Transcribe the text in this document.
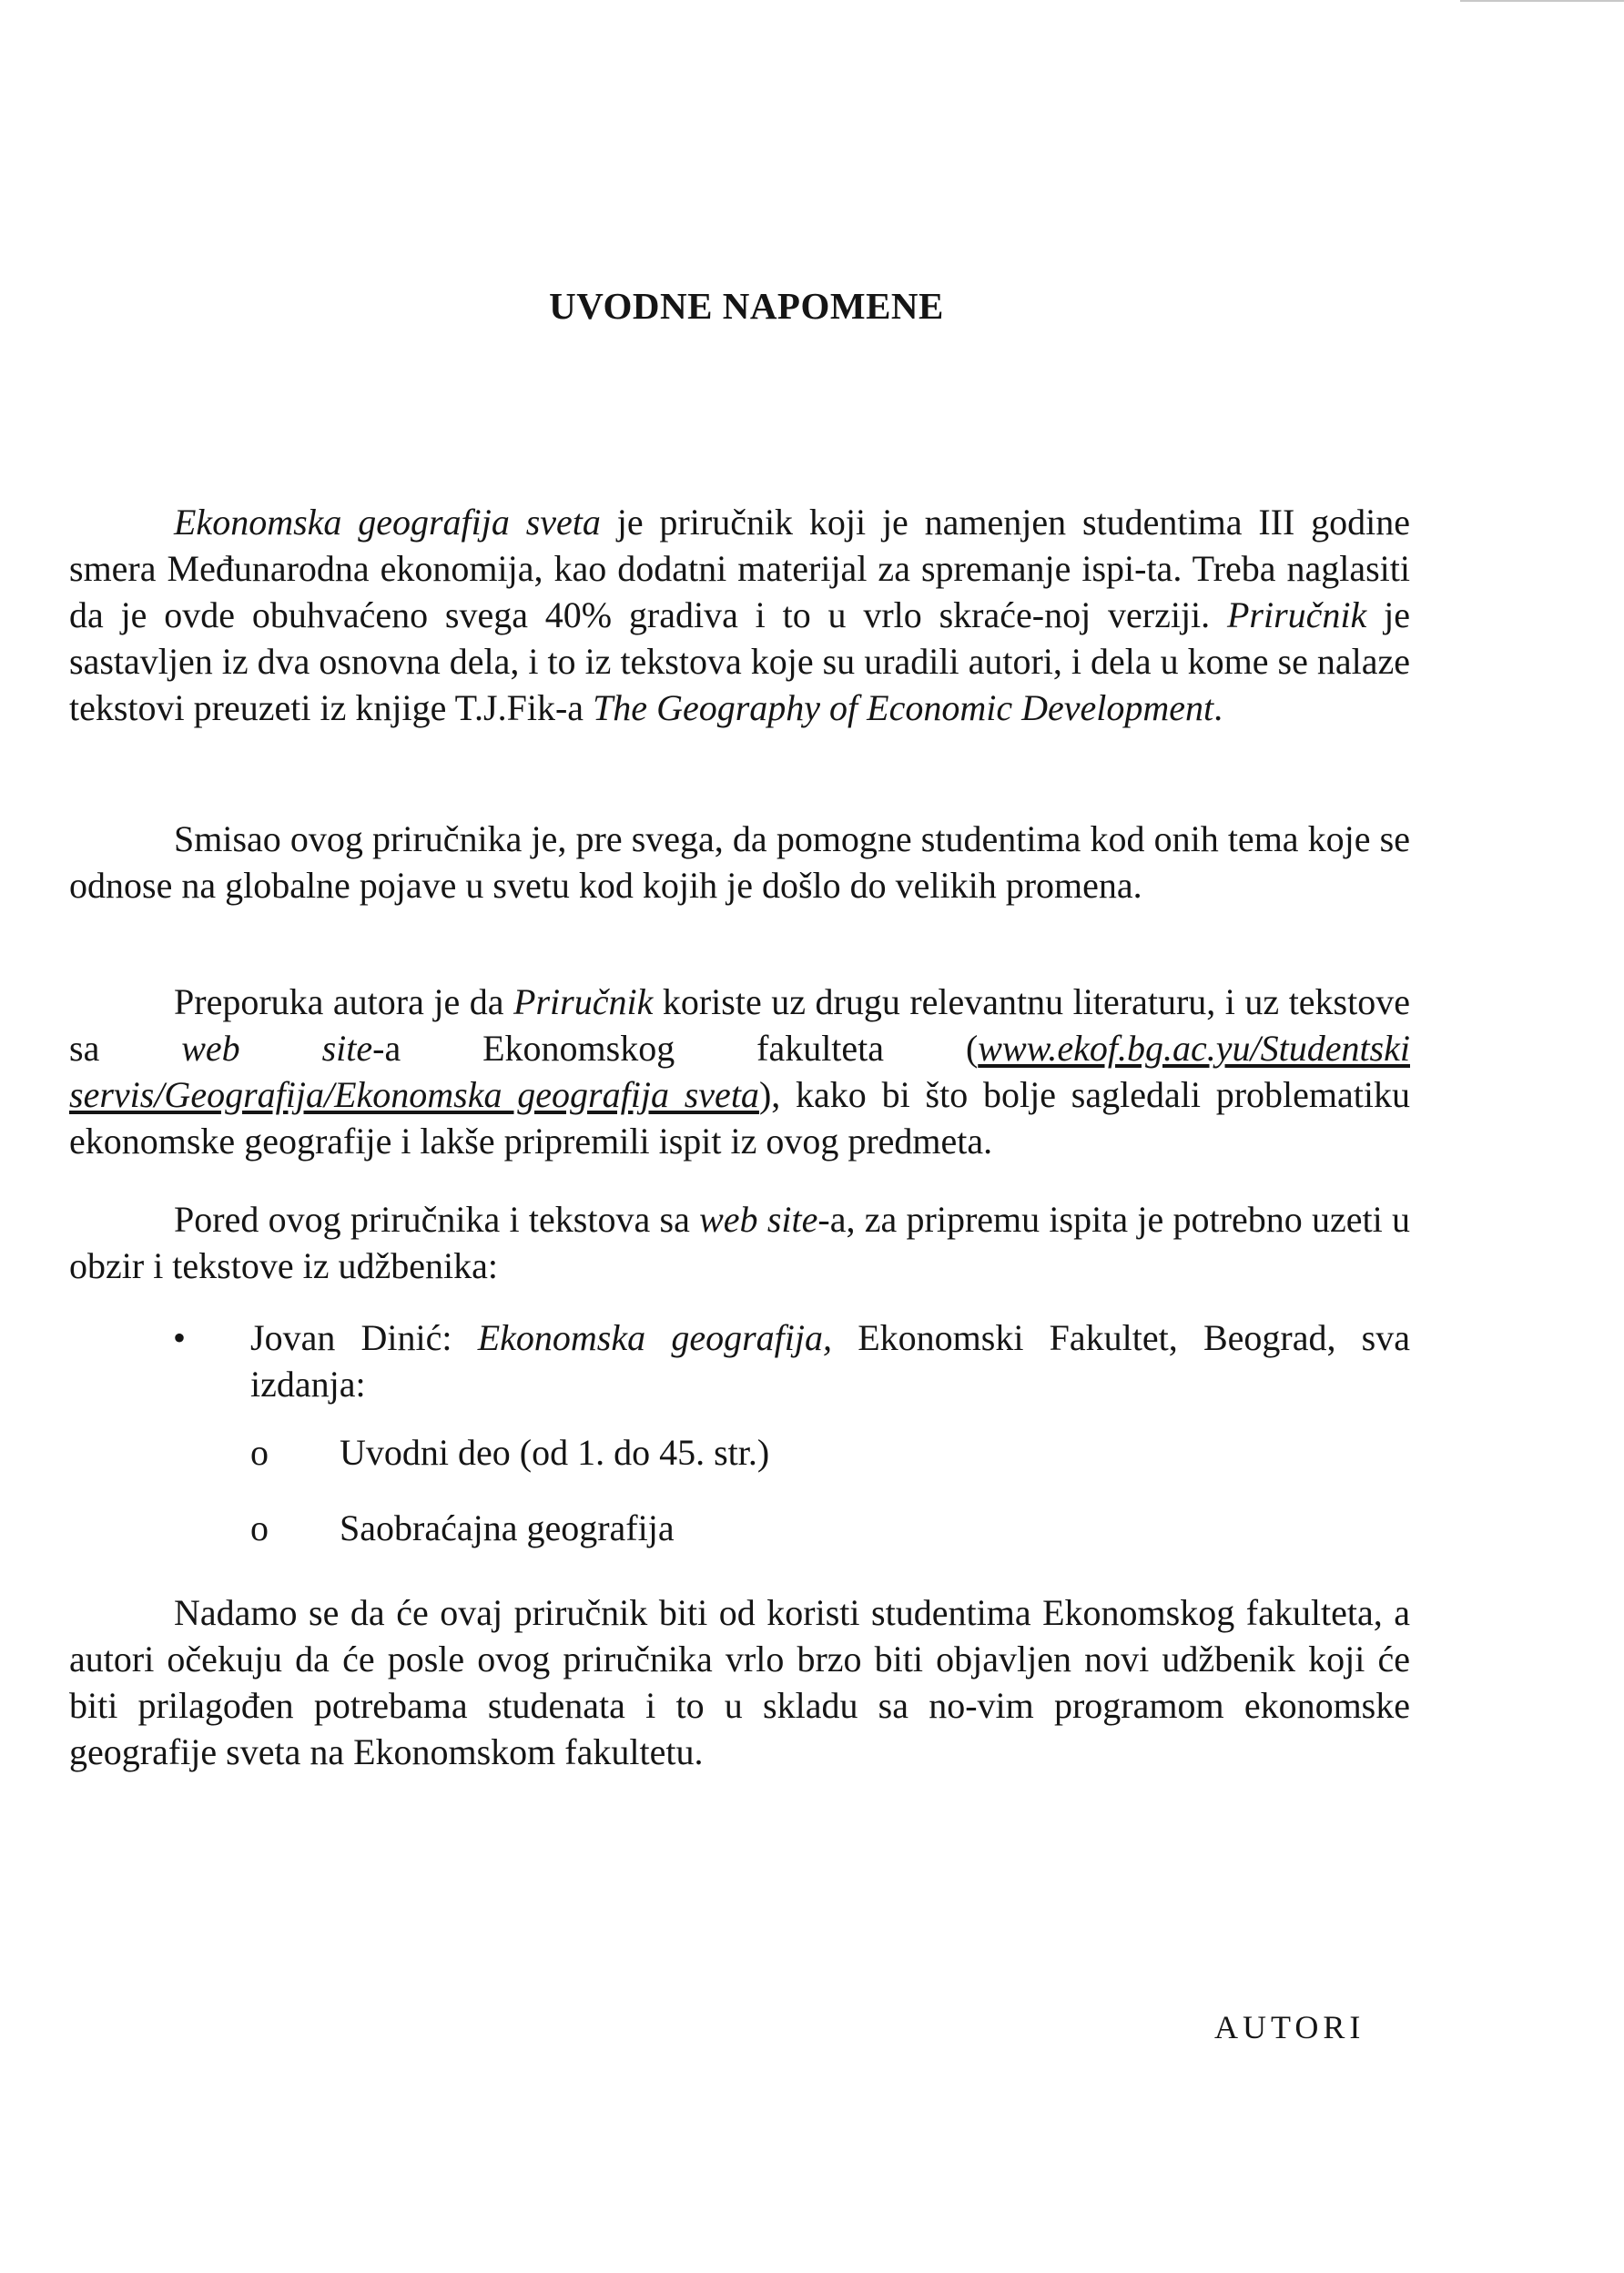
UVODNE NAPOMENE

Ekonomska geografija sveta je priručnik koji je namenjen studentima III godine smera Međunarodna ekonomija, kao dodatni materijal za spremanje ispi-ta. Treba naglasiti da je ovde obuhvaćeno svega 40% gradiva i to u vrlo skraće-noj verziji. Priručnik je sastavljen iz dva osnovna dela, i to iz tekstova koje su uradili autori, i dela u kome se nalaze tekstovi preuzeti iz knjige T.J.Fik-a The Geography of Economic Development.

Smisao ovog priručnika je, pre svega, da pomogne studentima kod onih tema koje se odnose na globalne pojave u svetu kod kojih je došlo do velikih promena.

Preporuka autora je da Priručnik koriste uz drugu relevantnu literaturu, i uz tekstove sa web site-a Ekonomskog fakulteta (www.ekof.bg.ac.yu/Studentski servis/Geografija/Ekonomska geografija sveta), kako bi što bolje sagledali problematiku ekonomske geografije i lakše pripremili ispit iz ovog predmeta.

Pored ovog priručnika i tekstova sa web site-a, za pripremu ispita je potrebno uzeti u obzir i tekstove iz udžbenika:

• Jovan Dinić: Ekonomska geografija, Ekonomski Fakultet, Beograd, sva izdanja:
o Uvodni deo (od 1. do 45. str.)
o Saobraćajna geografija

Nadamo se da će ovaj priručnik biti od koristi studentima Ekonomskog fakulteta, a autori očekuju da će posle ovog priručnika vrlo brzo biti objavljen novi udžbenik koji će biti prilagođen potrebama studenata i to u skladu sa no-vim programom ekonomske geografije sveta na Ekonomskom fakultetu.

AUTORI
